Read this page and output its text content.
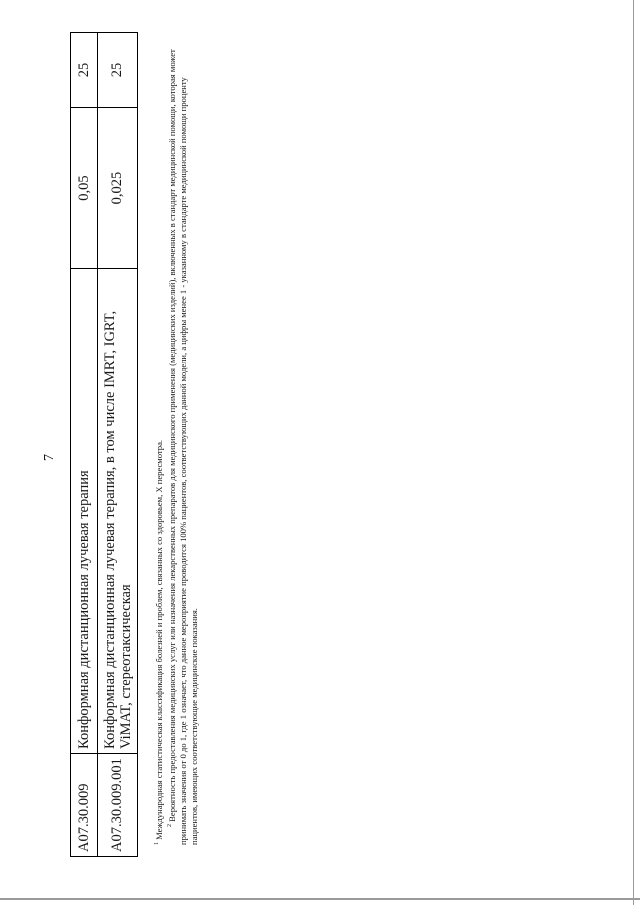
7
A07.30.009	Конформная дистанционная лучевая терапия	0,05	25
A07.30.009.001	Конформная дистанционная лучевая терапия, в том числе IMRT, IGRT, ViMAT, стереотаксическая	0,025	25

$^1$ Международная статистическая классификация болезней и проблем, связанных со здоровьем, X пересмотра. $^2$ Вероятность предоставления медицинских услуг или назначения лекарственных препаратов для медицинского применения (медицинских изделий), включенных в стандарт медицинской помощи, которая может принимать значения от 0 до 1, где 1 означает, что данное мероприятие проводится 100% пациентов, соответствующих данной модели, а цифры менее 1 - указанному в стандарте медицинской помощи проценту пациентов, имеющих соответствующие медицинские показания.
